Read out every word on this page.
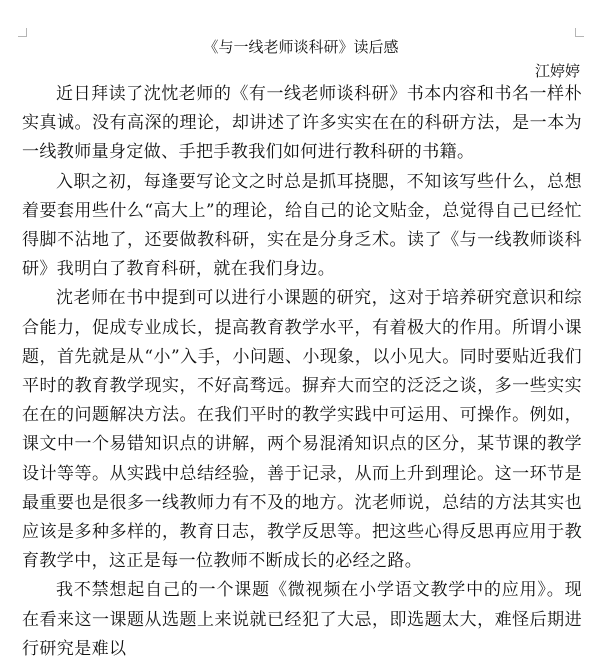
《与一线老师谈科研》读后感

江婷婷

近日拜读了沈忱老师的《有一线老师谈科研》书本内容和书名一样朴实真诚。没有高深的理论，却讲述了许多实实在在的科研方法，是一本为一线教师量身定做、手把手教我们如何进行教科研的书籍。

入职之初，每逢要写论文之时总是抓耳挠腮，不知该写些什么，总想着要套用些什么“高大上”的理论，给自己的论文贴金，总觉得自己已经忙得脚不沾地了，还要做教科研，实在是分身乏术。读了《与一线教师谈科研》我明白了教育科研，就在我们身边。

沈老师在书中提到可以进行小课题的研究，这对于培养研究意识和综合能力，促成专业成长，提高教育教学水平，有着极大的作用。所谓小课题，首先就是从“小”入手，小问题、小现象，以小见大。同时要贴近我们平时的教育教学现实，不好高骛远。摒弃大而空的泛泛之谈，多一些实实在在的问题解决方法。在我们平时的教学实践中可运用、可操作。例如，课文中一个易错知识点的讲解，两个易混淆知识点的区分，某节课的教学设计等等。从实践中总结经验，善于记录，从而上升到理论。这一环节是最重要也是很多一线教师力有不及的地方。沈老师说，总结的方法其实也应该是多种多样的，教育日志，教学反思等。把这些心得反思再应用于教育教学中，这正是每一位教师不断成长的必经之路。

我不禁想起自己的一个课题《微视频在小学语文教学中的应用》。现在看来这一课题从选题上来说就已经犯了大忌，即选题太大，难怪后期进行研究是难以
